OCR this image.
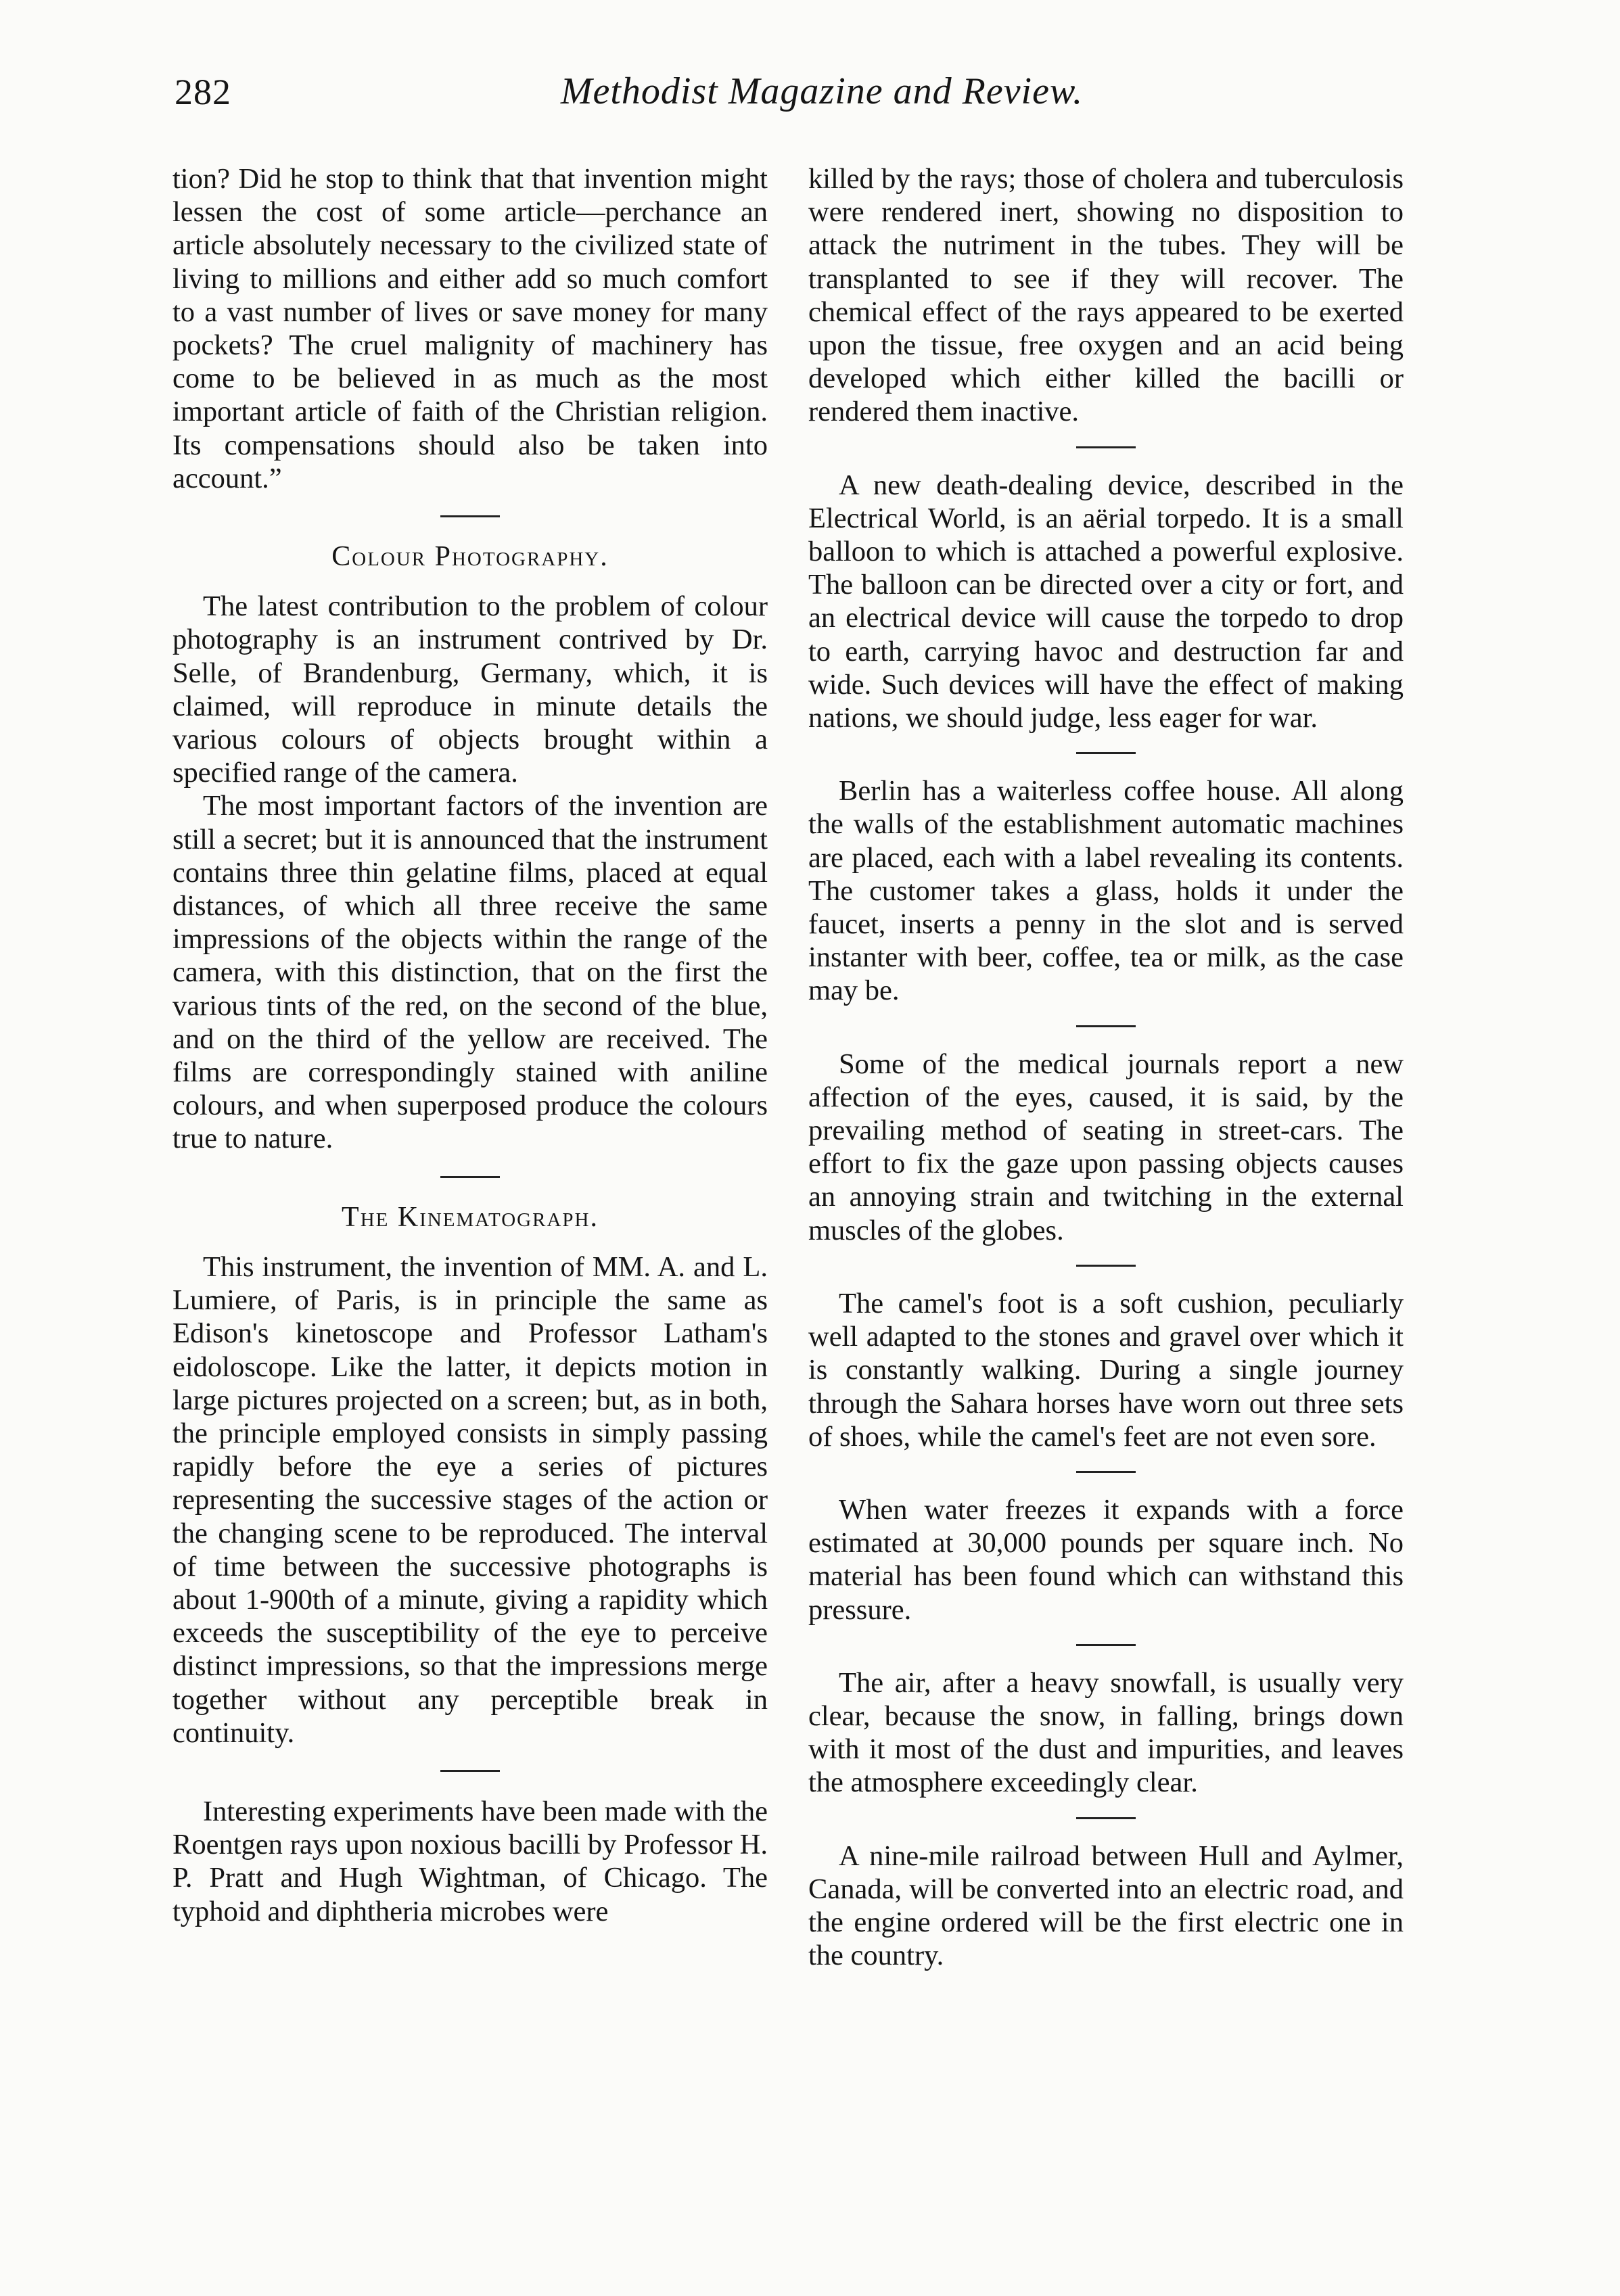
282	Methodist Magazine and Review.

tion? Did he stop to think that that invention might lessen the cost of some article—perchance an article absolutely necessary to the civilized state of living to millions and either add so much comfort to a vast number of lives or save money for many pockets? The cruel malignity of machinery has come to be believed in as much as the most important article of faith of the Christian religion. Its compensations should also be taken into account.”

Colour Photography.

The latest contribution to the problem of colour photography is an instrument contrived by Dr. Selle, of Brandenburg, Germany, which, it is claimed, will reproduce in minute details the various colours of objects brought within a specified range of the camera.

The most important factors of the invention are still a secret; but it is announced that the instrument contains three thin gelatine films, placed at equal distances, of which all three receive the same impressions of the objects within the range of the camera, with this distinction, that on the first the various tints of the red, on the second of the blue, and on the third of the yellow are received. The films are correspondingly stained with aniline colours, and when superposed produce the colours true to nature.

The Kinematograph.

This instrument, the invention of MM. A. and L. Lumiere, of Paris, is in principle the same as Edison's kinetoscope and Professor Latham's eidoloscope. Like the latter, it depicts motion in large pictures projected on a screen; but, as in both, the principle employed consists in simply passing rapidly before the eye a series of pictures representing the successive stages of the action or the changing scene to be reproduced. The interval of time between the successive photographs is about 1-900th of a minute, giving a rapidity which exceeds the susceptibility of the eye to perceive distinct impressions, so that the impressions merge together without any perceptible break in continuity.

Interesting experiments have been made with the Roentgen rays upon noxious bacilli by Professor H. P. Pratt and Hugh Wightman, of Chicago. The typhoid and diphtheria microbes were

killed by the rays; those of cholera and tuberculosis were rendered inert, showing no disposition to attack the nutriment in the tubes. They will be transplanted to see if they will recover. The chemical effect of the rays appeared to be exerted upon the tissue, free oxygen and an acid being developed which either killed the bacilli or rendered them inactive.

A new death-dealing device, described in the Electrical World, is an aërial torpedo. It is a small balloon to which is attached a powerful explosive. The balloon can be directed over a city or fort, and an electrical device will cause the torpedo to drop to earth, carrying havoc and destruction far and wide. Such devices will have the effect of making nations, we should judge, less eager for war.

Berlin has a waiterless coffee house. All along the walls of the establishment automatic machines are placed, each with a label revealing its contents. The customer takes a glass, holds it under the faucet, inserts a penny in the slot and is served instanter with beer, coffee, tea or milk, as the case may be.

Some of the medical journals report a new affection of the eyes, caused, it is said, by the prevailing method of seating in street-cars. The effort to fix the gaze upon passing objects causes an annoying strain and twitching in the external muscles of the globes.

The camel's foot is a soft cushion, peculiarly well adapted to the stones and gravel over which it is constantly walking. During a single journey through the Sahara horses have worn out three sets of shoes, while the camel's feet are not even sore.

When water freezes it expands with a force estimated at 30,000 pounds per square inch. No material has been found which can withstand this pressure.

The air, after a heavy snowfall, is usually very clear, because the snow, in falling, brings down with it most of the dust and impurities, and leaves the atmosphere exceedingly clear.

A nine-mile railroad between Hull and Aylmer, Canada, will be converted into an electric road, and the engine ordered will be the first electric one in the country.
